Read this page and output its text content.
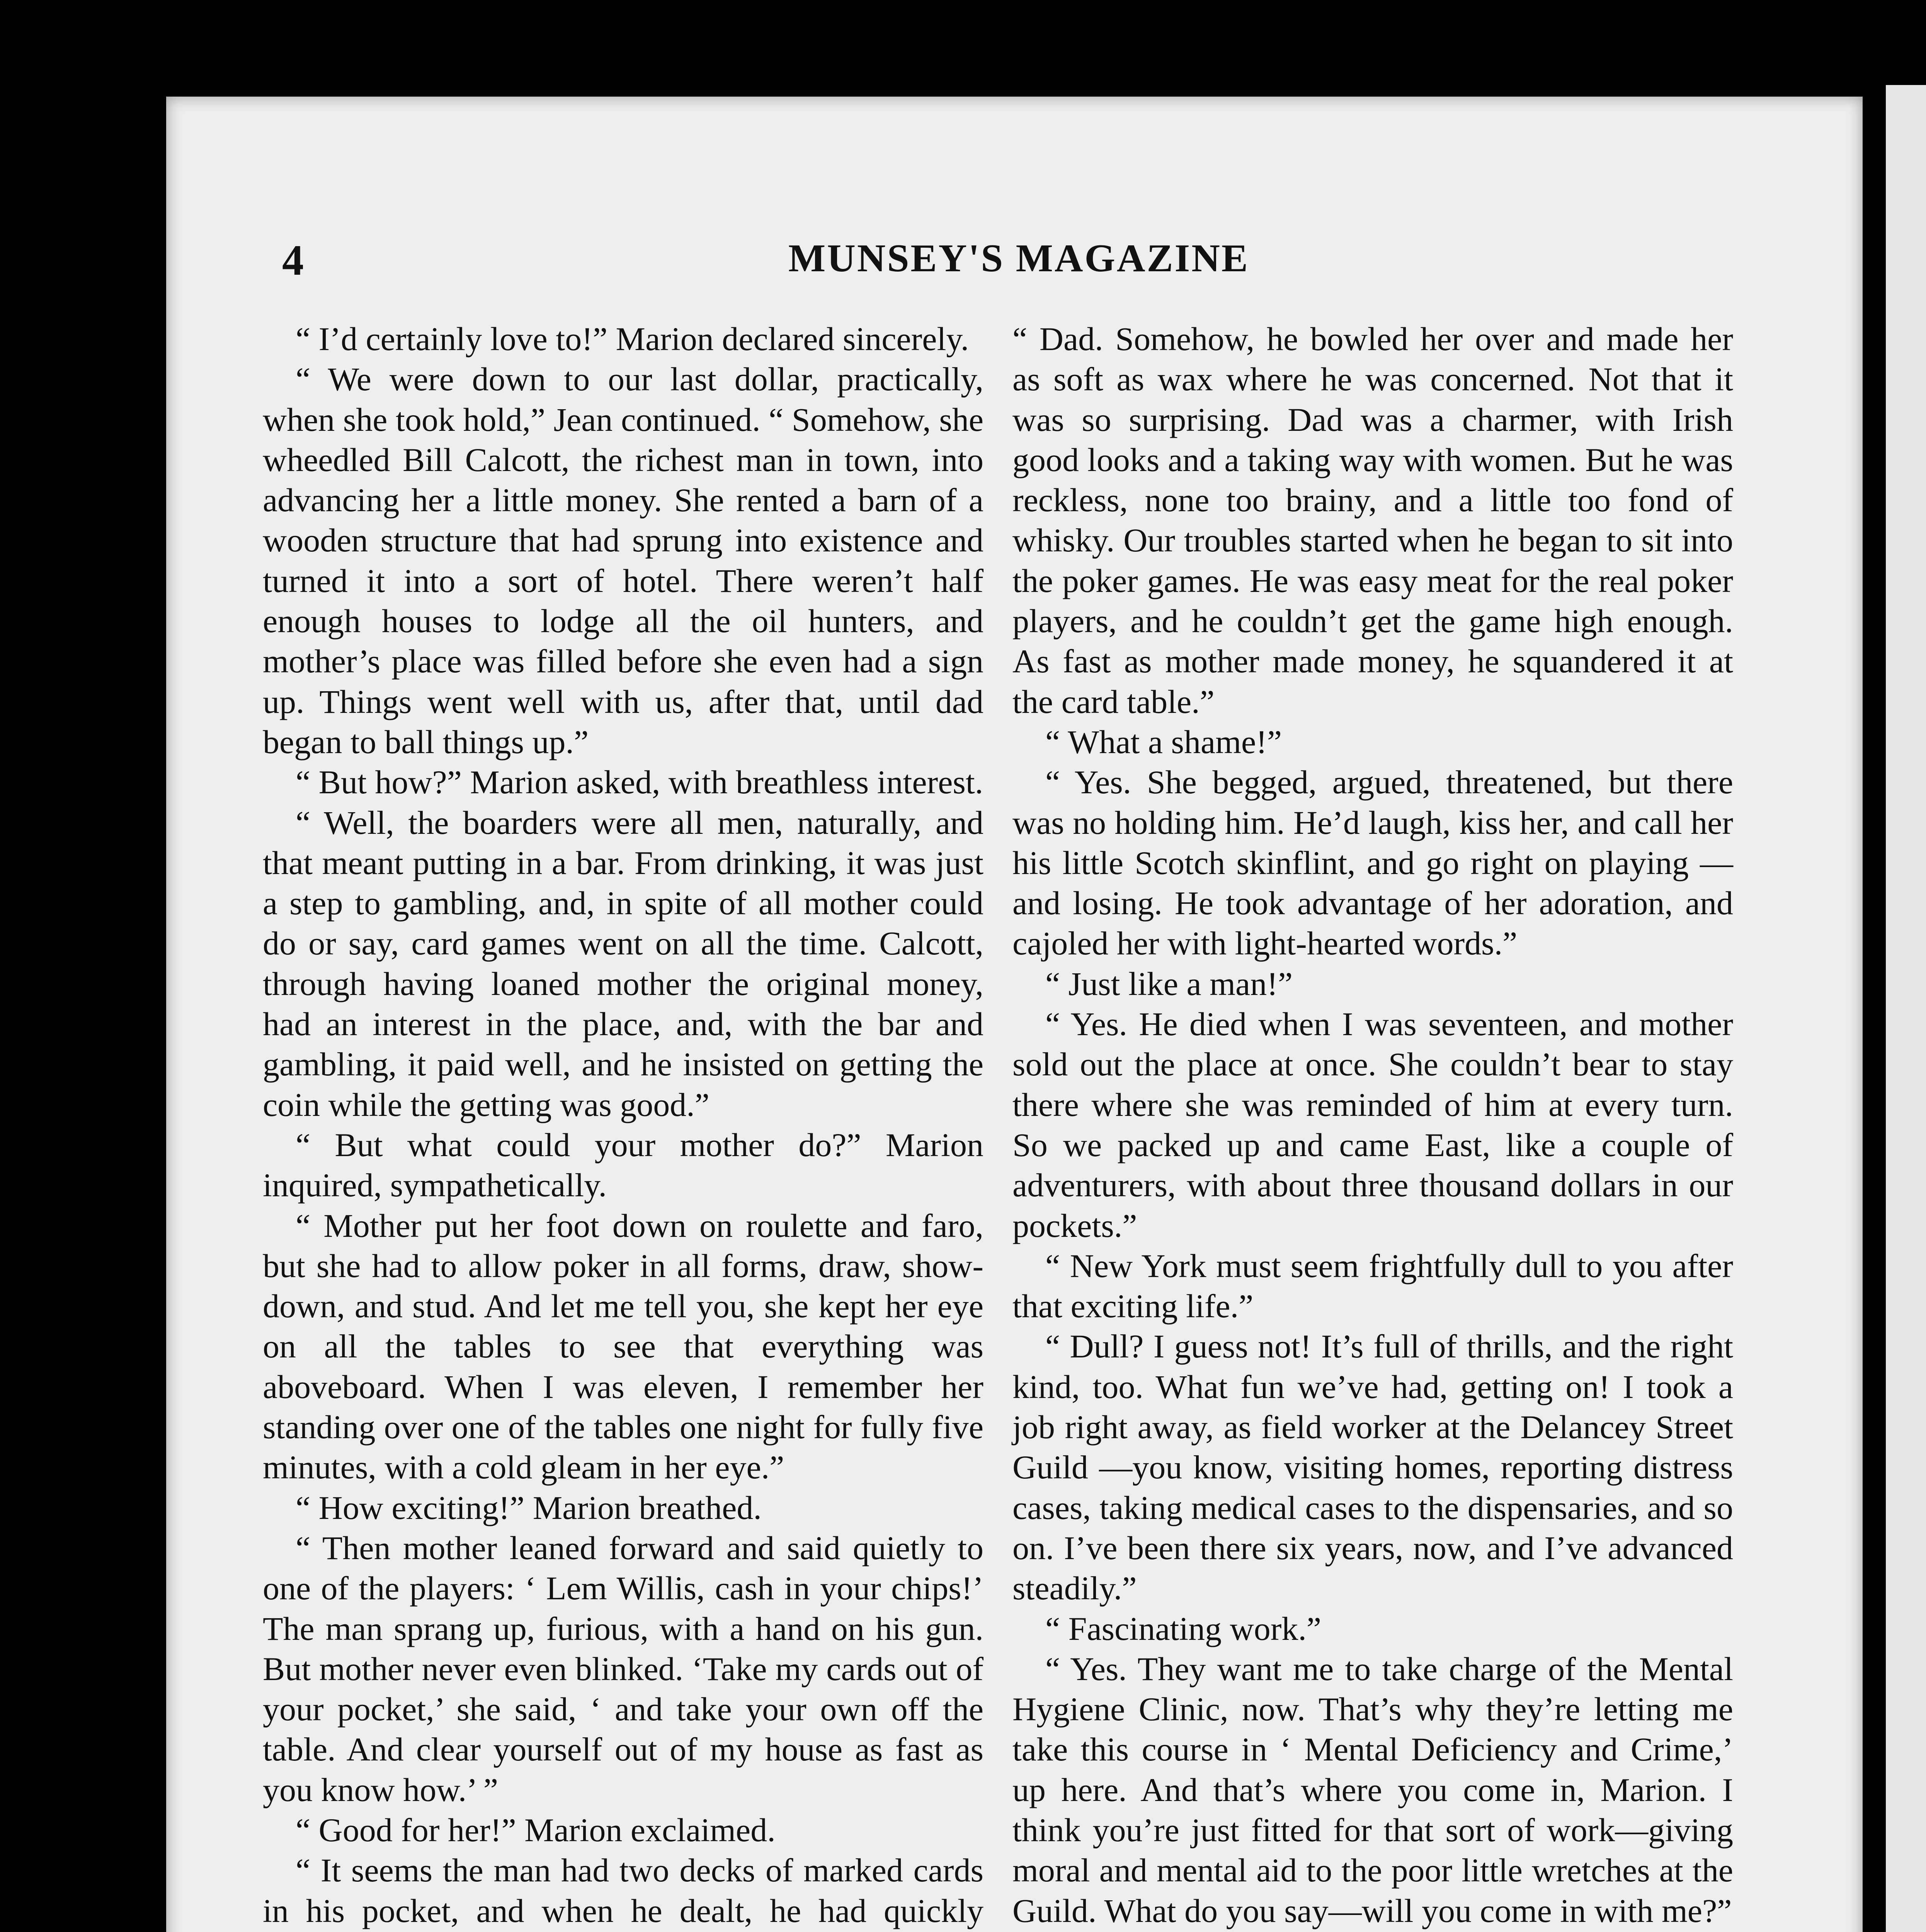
4	MUNSEY'S MAGAZINE

“ I’d certainly love to!” Marion declared sincerely.

“ We were down to our last dollar, practically, when she took hold,” Jean continued. “ Somehow, she wheedled Bill Calcott, the richest man in town, into advancing her a little money. She rented a barn of a wooden structure that had sprung into existence and turned it into a sort of hotel. There weren’t half enough houses to lodge all the oil hunters, and mother’s place was filled before she even had a sign up. Things went well with us, after that, until dad began to ball things up.”

“ But how?” Marion asked, with breathless interest.

“ Well, the boarders were all men, naturally, and that meant putting in a bar. From drinking, it was just a step to gambling, and, in spite of all mother could do or say, card games went on all the time. Calcott, through having loaned mother the original money, had an interest in the place, and, with the bar and gambling, it paid well, and he insisted on getting the coin while the getting was good.”

“ But what could your mother do?” Marion inquired, sympathetically.

“ Mother put her foot down on roulette and faro, but she had to allow poker in all forms, draw, show-down, and stud. And let me tell you, she kept her eye on all the tables to see that everything was aboveboard. When I was eleven, I remember her standing over one of the tables one night for fully five minutes, with a cold gleam in her eye.”

“ How exciting!” Marion breathed.

“ Then mother leaned forward and said quietly to one of the players: ‘ Lem Willis, cash in your chips!’ The man sprang up, furious, with a hand on his gun. But mother never even blinked. ‘Take my cards out of your pocket,’ she said, ‘ and take your own off the table. And clear yourself out of my house as fast as you know how.’ ”

“ Good for her!” Marion exclaimed.

“ It seems the man had two decks of marked cards in his pocket, and when he dealt, he had quickly

“ Dad. Somehow, he bowled her over and made her as soft as wax where he was concerned. Not that it was so surprising. Dad was a charmer, with Irish good looks and a taking way with women. But he was reckless, none too brainy, and a little too fond of whisky. Our troubles started when he began to sit into the poker games. He was easy meat for the real poker players, and he couldn’t get the game high enough. As fast as mother made money, he squandered it at the card table.”

“ What a shame!”

“ Yes. She begged, argued, threatened, but there was no holding him. He’d laugh, kiss her, and call her his little Scotch skinflint, and go right on playing — and losing. He took advantage of her adoration, and cajoled her with light-hearted words.”

“ Just like a man!”

“ Yes. He died when I was seventeen, and mother sold out the place at once. She couldn’t bear to stay there where she was reminded of him at every turn. So we packed up and came East, like a couple of adventurers, with about three thousand dollars in our pockets.”

“ New York must seem frightfully dull to you after that exciting life.”

“ Dull? I guess not! It’s full of thrills, and the right kind, too. What fun we’ve had, getting on! I took a job right away, as field worker at the Delancey Street Guild —you know, visiting homes, reporting distress cases, taking medical cases to the dispensaries, and so on. I’ve been there six years, now, and I’ve advanced steadily.”

“ Fascinating work.”

“ Yes. They want me to take charge of the Mental Hygiene Clinic, now. That’s why they’re letting me take this course in ‘ Mental Deficiency and Crime,’ up here. And that’s where you come in, Marion. I think you’re just fitted for that sort of work—giving moral and mental aid to the poor little wretches at the Guild. What do you say—will you come in with me?”
